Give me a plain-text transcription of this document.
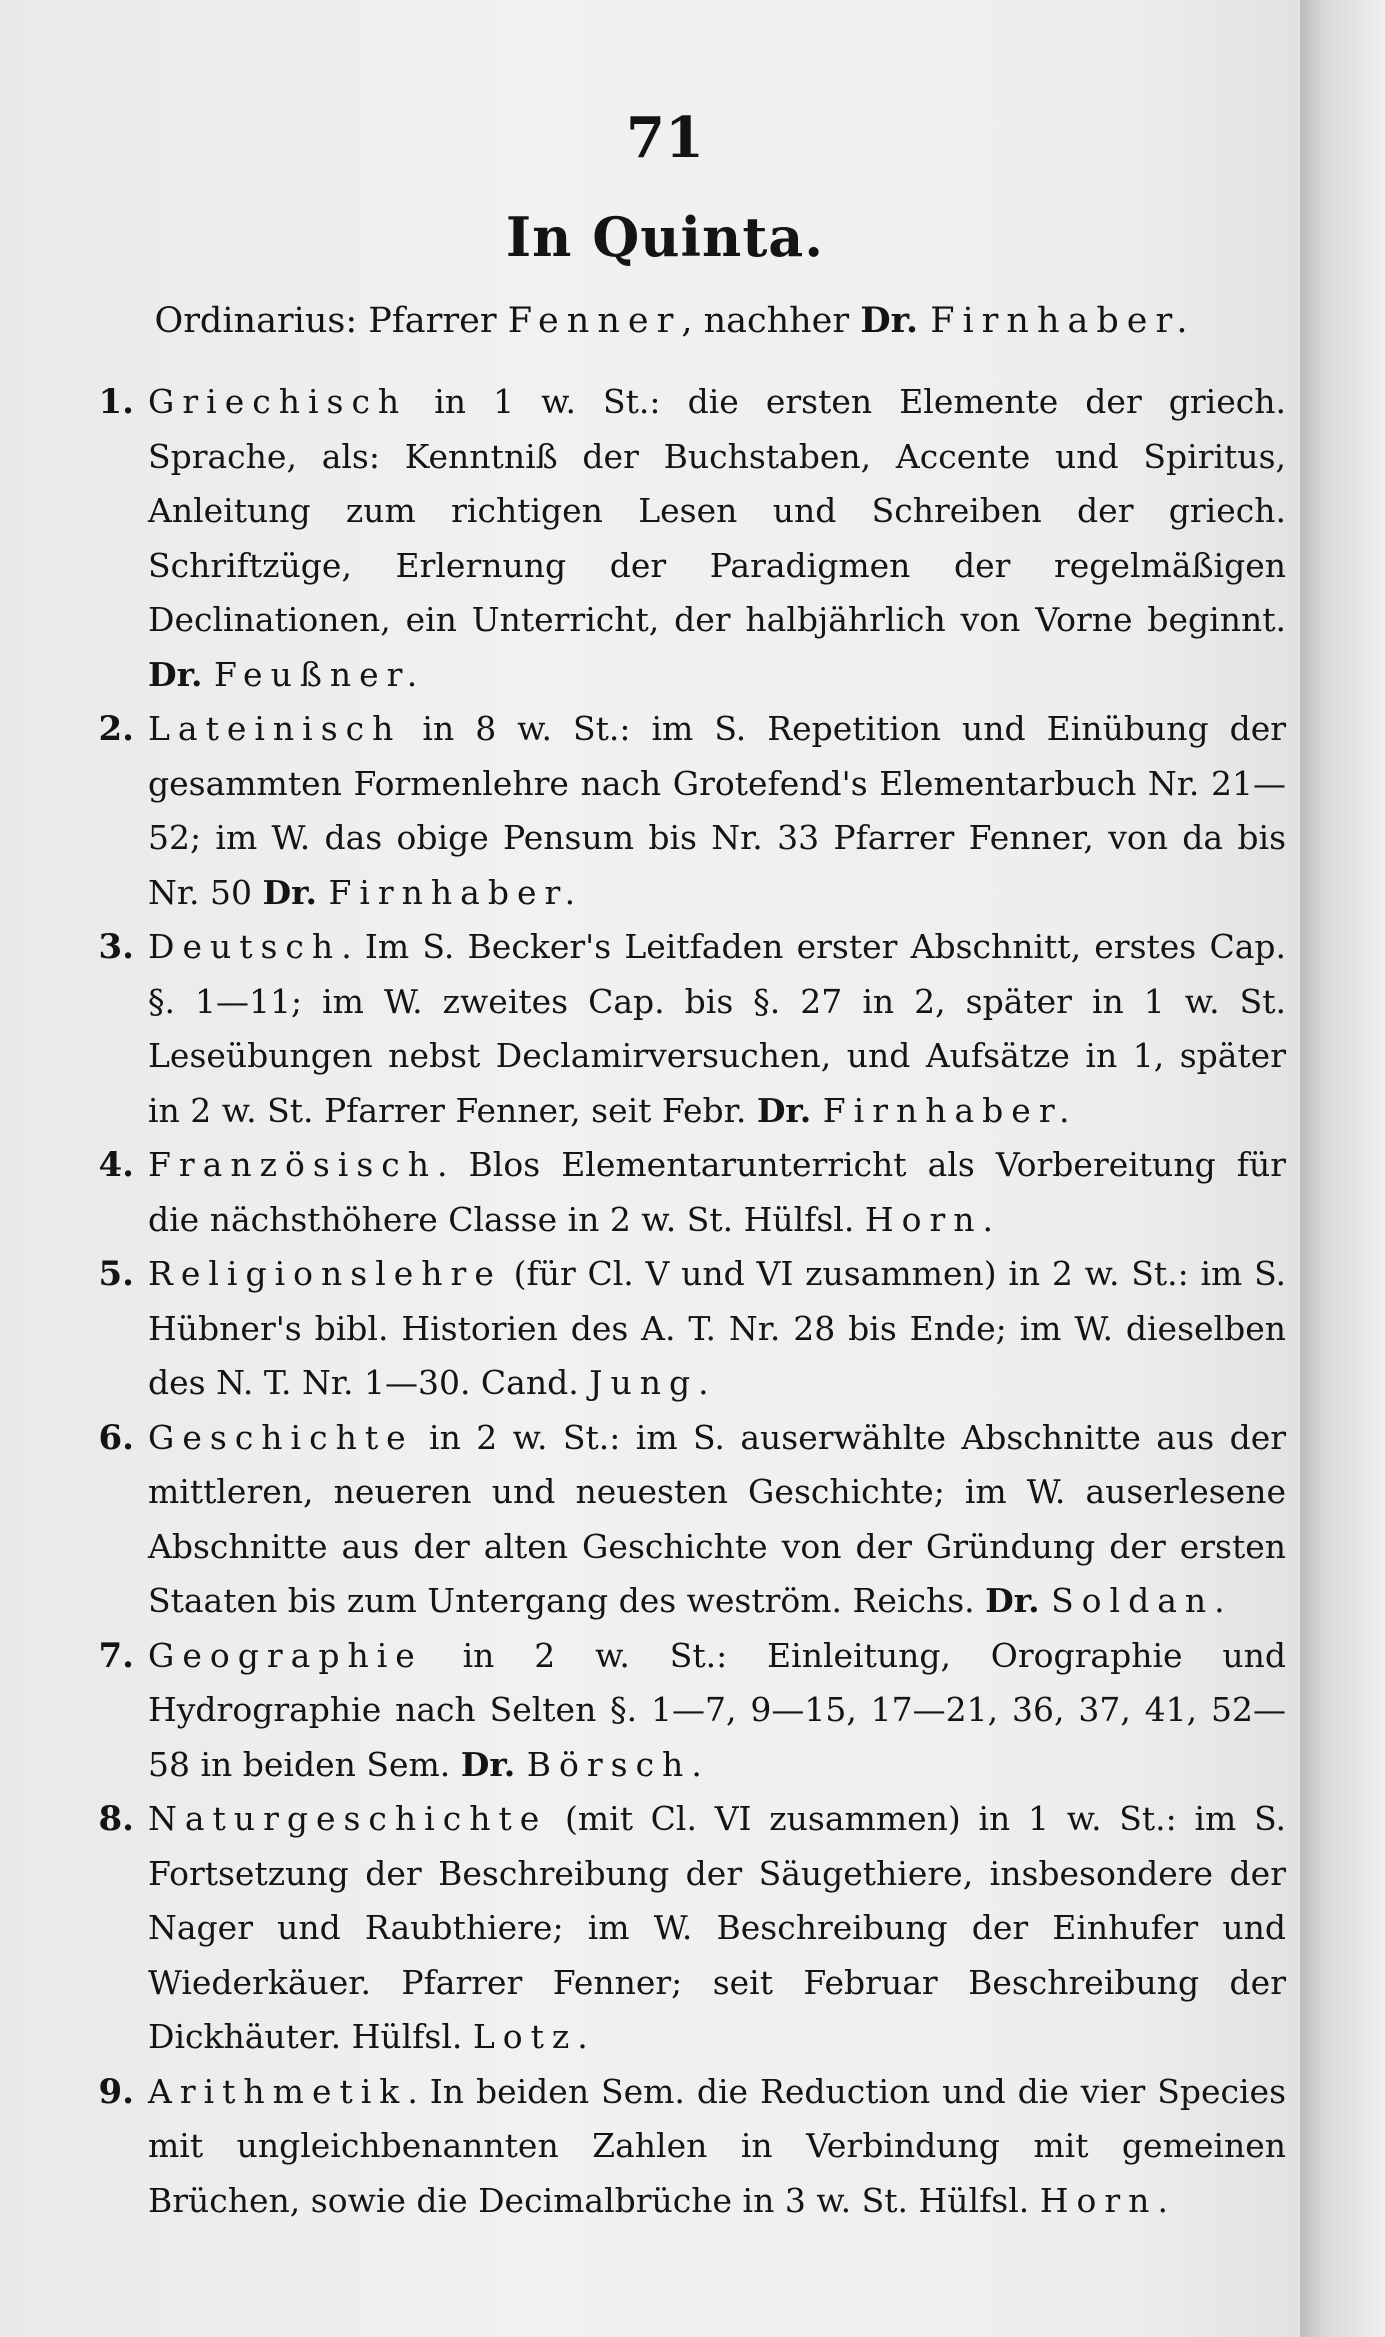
71
In Quinta.
Ordinarius: Pfarrer Fenner, nachher Dr. Firnhaber.
1. Griechisch in 1 w. St.: die ersten Elemente der griech. Sprache, als: Kenntniß der Buchstaben, Accente und Spiritus, Anleitung zum richtigen Lesen und Schreiben der griech. Schriftzüge, Erlernung der Paradigmen der regelmäßigen Declinationen, ein Unterricht, der halbjährlich von Vorne beginnt. Dr. Feußner.
2. Lateinisch in 8 w. St.: im S. Repetition und Einübung der gesammten Formenlehre nach Grotefend's Elementarbuch Nr. 21—52; im W. das obige Pensum bis Nr. 33 Pfarrer Fenner, von da bis Nr. 50 Dr. Firnhaber.
3. Deutsch. Im S. Becker's Leitfaden erster Abschnitt, erstes Cap. §. 1—11; im W. zweites Cap. bis §. 27 in 2, später in 1 w. St. Leseübungen nebst Declamirversuchen, und Aufsätze in 1, später in 2 w. St. Pfarrer Fenner, seit Febr. Dr. Firnhaber.
4. Französisch. Blos Elementarunterricht als Vorbereitung für die nächsthöhere Classe in 2 w. St. Hülfsl. Horn.
5. Religionslehre (für Cl. V und VI zusammen) in 2 w. St.: im S. Hübner's bibl. Historien des A. T. Nr. 28 bis Ende; im W. dieselben des N. T. Nr. 1—30. Cand. Jung.
6. Geschichte in 2 w. St.: im S. auserwählte Abschnitte aus der mittleren, neueren und neuesten Geschichte; im W. auserlesene Abschnitte aus der alten Geschichte von der Gründung der ersten Staaten bis zum Untergang des weström. Reichs. Dr. Soldan.
7. Geographie in 2 w. St.: Einleitung, Orographie und Hydrographie nach Selten §. 1—7, 9—15, 17—21, 36, 37, 41, 52—58 in beiden Sem. Dr. Börsch.
8. Naturgeschichte (mit Cl. VI zusammen) in 1 w. St.: im S. Fortsetzung der Beschreibung der Säugethiere, insbesondere der Nager und Raubthiere; im W. Beschreibung der Einhufer und Wiederkäuer. Pfarrer Fenner; seit Februar Beschreibung der Dickhäuter. Hülfsl. Lotz.
9. Arithmetik. In beiden Sem. die Reduction und die vier Species mit ungleichbenannten Zahlen in Verbindung mit gemeinen Brüchen, sowie die Decimalbrüche in 3 w. St. Hülfsl. Horn.
